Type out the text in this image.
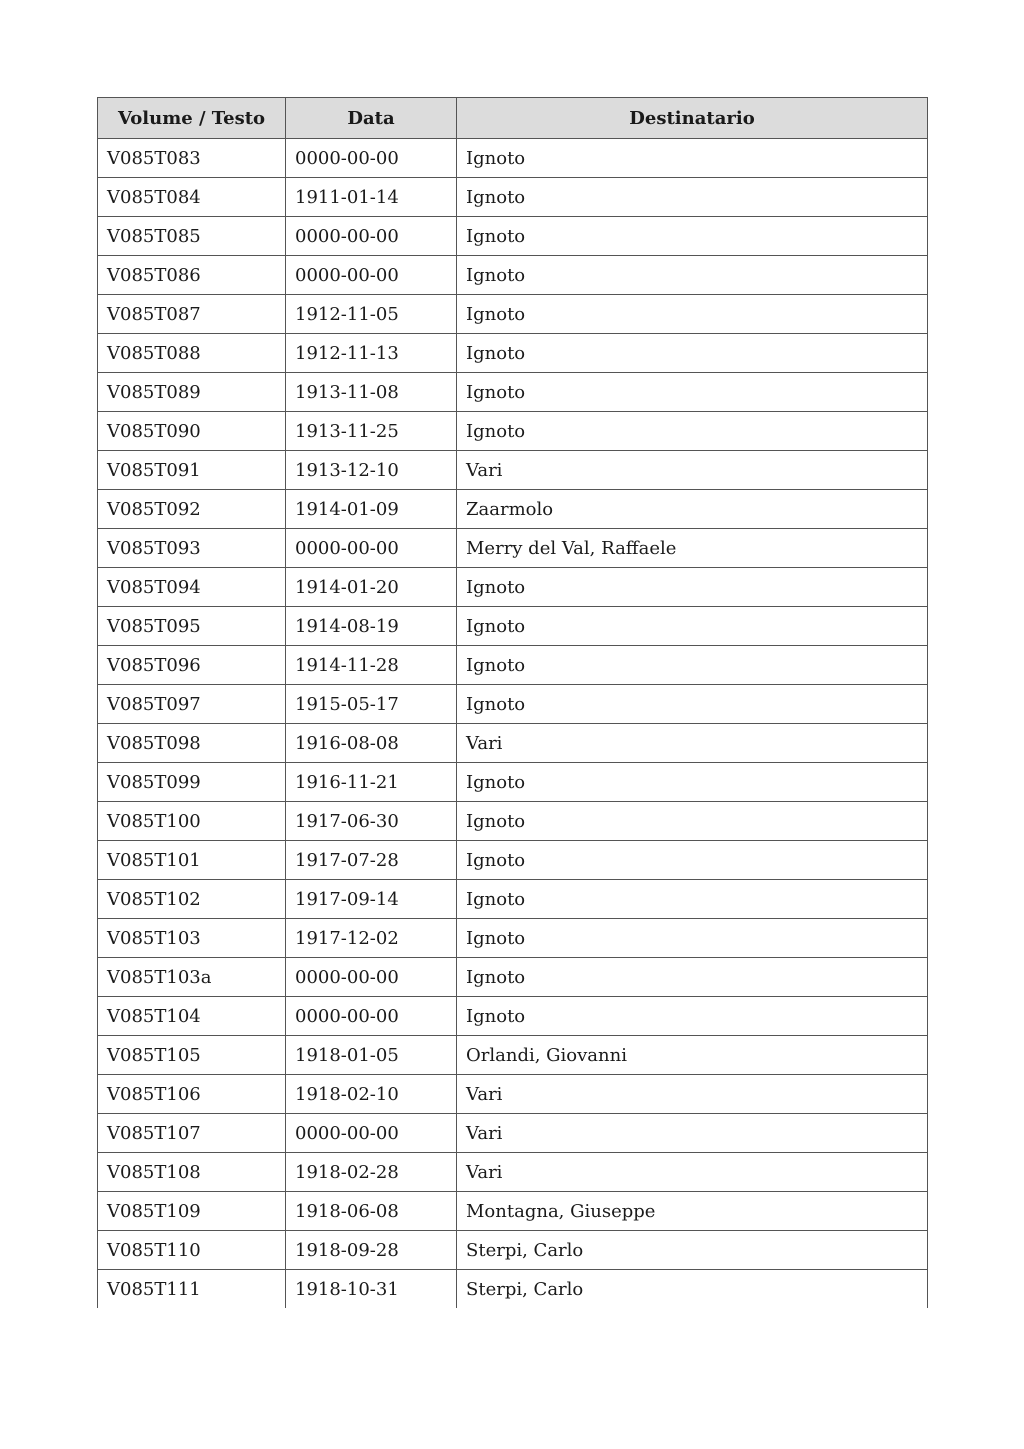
Volume / Testo	Data	Destinatario
V085T083	0000-00-00	Ignoto
V085T084	1911-01-14	Ignoto
V085T085	0000-00-00	Ignoto
V085T086	0000-00-00	Ignoto
V085T087	1912-11-05	Ignoto
V085T088	1912-11-13	Ignoto
V085T089	1913-11-08	Ignoto
V085T090	1913-11-25	Ignoto
V085T091	1913-12-10	Vari
V085T092	1914-01-09	Zaarmolo
V085T093	0000-00-00	Merry del Val, Raffaele
V085T094	1914-01-20	Ignoto
V085T095	1914-08-19	Ignoto
V085T096	1914-11-28	Ignoto
V085T097	1915-05-17	Ignoto
V085T098	1916-08-08	Vari
V085T099	1916-11-21	Ignoto
V085T100	1917-06-30	Ignoto
V085T101	1917-07-28	Ignoto
V085T102	1917-09-14	Ignoto
V085T103	1917-12-02	Ignoto
V085T103a	0000-00-00	Ignoto
V085T104	0000-00-00	Ignoto
V085T105	1918-01-05	Orlandi, Giovanni
V085T106	1918-02-10	Vari
V085T107	0000-00-00	Vari
V085T108	1918-02-28	Vari
V085T109	1918-06-08	Montagna, Giuseppe
V085T110	1918-09-28	Sterpi, Carlo
V085T111	1918-10-31	Sterpi, Carlo
